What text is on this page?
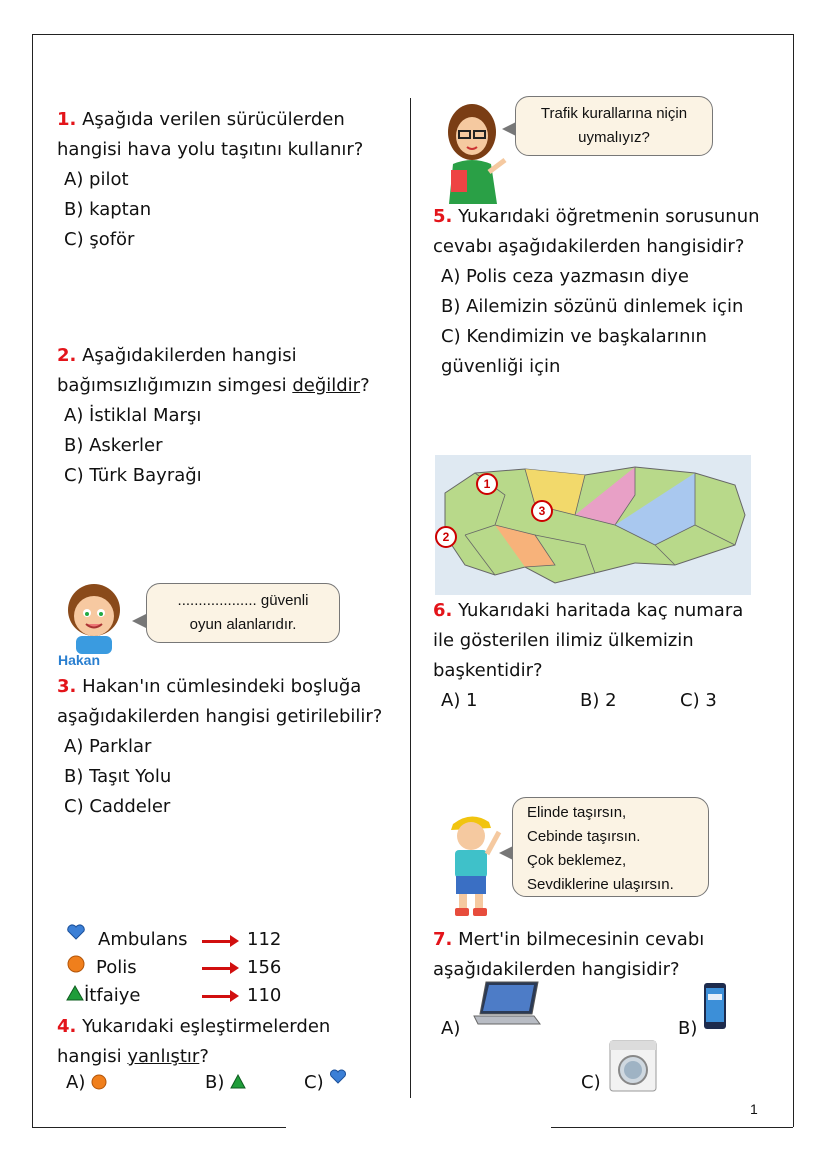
1
1. Aşağıda verilen sürücülerden
hangisi hava yolu taşıtını kullanır?
A) pilot
B) kaptan
C) şoför
2. Aşağıdakilerden hangisi
bağımsızlığımızın simgesi değildir?
A) İstiklal Marşı
B) Askerler
C) Türk Bayrağı
Hakan
................... güvenli
oyun alanlarıdır.
3. Hakan'ın cümlesindeki boşluğa
aşağıdakilerden hangisi getirilebilir?
A) Parklar
B) Taşıt Yolu
C) Caddeler
Ambulans	112
Polis	156
İtfaiye	110
4. Yukarıdaki eşleştirmelerden
hangisi yanlıştır?
A)	B)	C)
Trafik kurallarına niçin
uymalıyız?
5. Yukarıdaki öğretmenin sorusunun
cevabı aşağıdakilerden hangisidir?
A) Polis ceza yazmasın diye
B) Ailemizin sözünü dinlemek için
C) Kendimizin ve başkalarının
güvenliği için
1
2
3
6. Yukarıdaki haritada kaç numara
ile gösterilen ilimiz ülkemizin
başkentidir?
A) 1	B) 2	C) 3
Elinde taşırsın,
Cebinde taşırsın.
Çok beklemez,
Sevdiklerine ulaşırsın.
7. Mert'in bilmecesinin cevabı
aşağıdakilerden hangisidir?
A)	B)
C)
